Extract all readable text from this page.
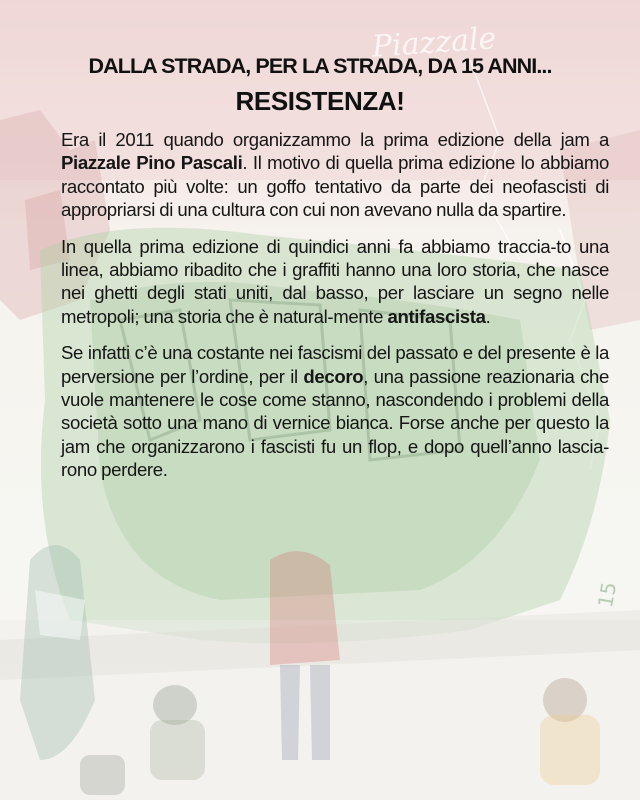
Piazzale
15
DALLA STRADA, PER LA STRADA, DA 15 ANNI...
RESISTENZA!

Era il 2011 quando organizzammo la prima edizione della jam a Piazzale Pino Pascali. Il motivo di quella prima edizione lo abbiamo raccontato più volte: un goffo tentativo da parte dei neofascisti di appropriarsi di una cultura con cui non avevano nulla da spartire.

In quella prima edizione di quindici anni fa abbiamo traccia-to una linea, abbiamo ribadito che i graffiti hanno una loro storia, che nasce nei ghetti degli stati uniti, dal basso, per lasciare un segno nelle metropoli; una storia che è natural-mente antifascista.

Se infatti c’è una costante nei fascismi del passato e del presente è la perversione per l’ordine, per il decoro, una passione reazionaria che vuole mantenere le cose come stanno, nascondendo i problemi della società sotto una mano di vernice bianca. Forse anche per questo la jam che organizzarono i fascisti fu un flop, e dopo quell’anno lascia-rono perdere.
